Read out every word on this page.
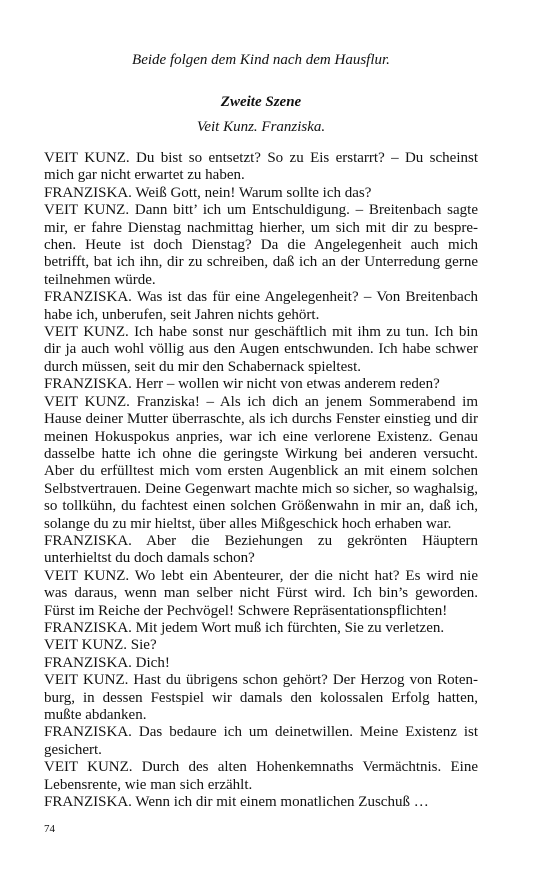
Beide folgen dem Kind nach dem Hausflur.

Zweite Szene

Veit Kunz. Franziska.

VEIT KUNZ. Du bist so entsetzt? So zu Eis erstarrt? – Du scheinst mich gar nicht erwartet zu haben.

FRANZISKA. Weiß Gott, nein! Warum sollte ich das?

VEIT KUNZ. Dann bitt’ ich um Entschuldigung. – Breitenbach sagte mir, er fahre Dienstag nachmittag hierher, um sich mit dir zu besprechen. Heute ist doch Dienstag? Da die Angelegenheit auch mich betrifft, bat ich ihn, dir zu schreiben, daß ich an der Unterredung gerne teilnehmen würde.

FRANZISKA. Was ist das für eine Angelegenheit? – Von Breitenbach habe ich, unberufen, seit Jahren nichts gehört.

VEIT KUNZ. Ich habe sonst nur geschäftlich mit ihm zu tun. Ich bin dir ja auch wohl völlig aus den Augen entschwunden. Ich habe schwer durch müssen, seit du mir den Schabernack spieltest.

FRANZISKA. Herr – wollen wir nicht von etwas anderem reden?

VEIT KUNZ. Franziska! – Als ich dich an jenem Sommerabend im Hause deiner Mutter überraschte, als ich durchs Fenster einstieg und dir meinen Hokuspokus anpries, war ich eine verlorene Existenz. Genau dasselbe hatte ich ohne die geringste Wirkung bei anderen versucht. Aber du erfülltest mich vom ersten Augenblick an mit einem solchen Selbstvertrauen. Deine Gegenwart machte mich so sicher, so waghalsig, so tollkühn, du fachtest einen solchen Größenwahn in mir an, daß ich, solange du zu mir hieltst, über alles Mißgeschick hoch erhaben war.

FRANZISKA. Aber die Beziehungen zu gekrönten Häuptern unterhieltst du doch damals schon?

VEIT KUNZ. Wo lebt ein Abenteurer, der die nicht hat? Es wird nie was daraus, wenn man selber nicht Fürst wird. Ich bin’s geworden. Fürst im Reiche der Pechvögel! Schwere Repräsentationspflichten!

FRANZISKA. Mit jedem Wort muß ich fürchten, Sie zu verletzen.

VEIT KUNZ. Sie?

FRANZISKA. Dich!

VEIT KUNZ. Hast du übrigens schon gehört? Der Herzog von Rotenburg, in dessen Festspiel wir damals den kolossalen Erfolg hatten, mußte abdanken.

FRANZISKA. Das bedaure ich um deinetwillen. Meine Existenz ist gesichert.

VEIT KUNZ. Durch des alten Hohenkemnaths Vermächtnis. Eine Lebensrente, wie man sich erzählt.

FRANZISKA. Wenn ich dir mit einem monatlichen Zuschuß …

74
